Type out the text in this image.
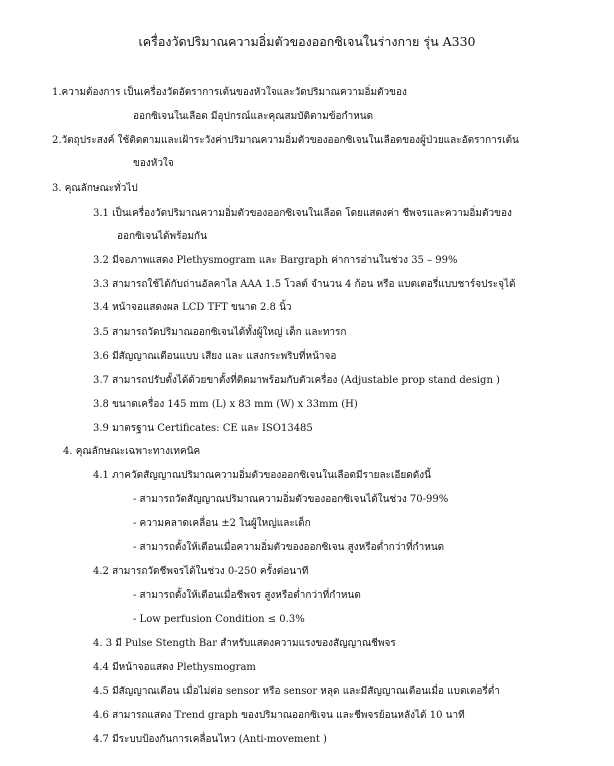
เครื่องวัดปริมาณความอิ่มตัวของออกซิเจนในร่างกาย รุ่น A330
1.ความต้องการ เป็นเครื่องวัดอัตราการเต้นของหัวใจและวัดปริมาณความอิ่มตัวของ
ออกซิเจนในเลือด มีอุปกรณ์และคุณสมบัติตามข้อกำหนด
2.วัตถุประสงค์ ใช้ติดตามและเฝ้าระวังค่าปริมาณความอิ่มตัวของออกซิเจนในเลือดของผู้ป่วยและอัตราการเต้น
ของหัวใจ
3. คุณลักษณะทั่วไป
3.1 เป็นเครื่องวัดปริมาณความอิ่มตัวของออกซิเจนในเลือด โดยแสดงค่า ชีพจรและความอิ่มตัวของ
ออกซิเจนได้พร้อมกัน
3.2 มีจอภาพแสดง Plethysmogram และ Bargraph ค่าการอ่านในช่วง 35 – 99%
3.3 สามารถใช้ได้กับถ่านอัลคาไล AAA 1.5 โวลต์ จำนวน 4 ก้อน หรือ แบตเตอรี่แบบชาร์จประจุได้
3.4 หน้าจอแสดงผล LCD TFT ขนาด 2.8 นิ้ว
3.5 สามารถวัดปริมาณออกซิเจนได้ทั้งผู้ใหญ่ เด็ก และทารก
3.6 มีสัญญาณเตือนแบบ เสียง และ แสงกระพริบที่หน้าจอ
3.7 สามารถปรับตั้งได้ด้วยขาตั้งที่ติดมาพร้อมกับตัวเครื่อง (Adjustable prop stand design )
3.8 ขนาดเครื่อง 145 mm (L) x 83 mm (W) x 33mm (H)
3.9 มาตรฐาน Certificates: CE และ ISO13485
4. คุณลักษณะเฉพาะทางเทคนิค
4.1 ภาควัดสัญญาณปริมาณความอิ่มตัวของออกซิเจนในเลือดมีรายละเอียดดังนี้
- สามารถวัดสัญญาณปริมาณความอิ่มตัวของออกซิเจนได้ในช่วง 70-99%
- ความคลาดเคลื่อน ±2 ในผู้ใหญ่และเด็ก
- สามารถตั้งให้เตือนเมื่อความอิ่มตัวของออกซิเจน สูงหรือต่ำกว่าที่กำหนด
4.2 สามารถวัดชีพจรได้ในช่วง 0-250 ครั้งต่อนาที
- สามารถตั้งให้เตือนเมื่อชีพจร สูงหรือต่ำกว่าที่กำหนด
- Low perfusion Condition ≤ 0.3%
4. 3 มี Pulse Stength Bar สำหรับแสดงความแรงของสัญญาณชีพจร
4.4 มีหน้าจอแสดง Plethysmogram
4.5 มีสัญญาณเตือน เมื่อไม่ต่อ sensor หรือ sensor หลุด และมีสัญญาณเตือนเมื่อ แบตเตอรี่ต่ำ
4.6 สามารถแสดง Trend graph ของปริมาณออกซิเจน และชีพจรย้อนหลังได้ 10 นาที
4.7 มีระบบป้องกันการเคลื่อนไหว (Anti-movement )
